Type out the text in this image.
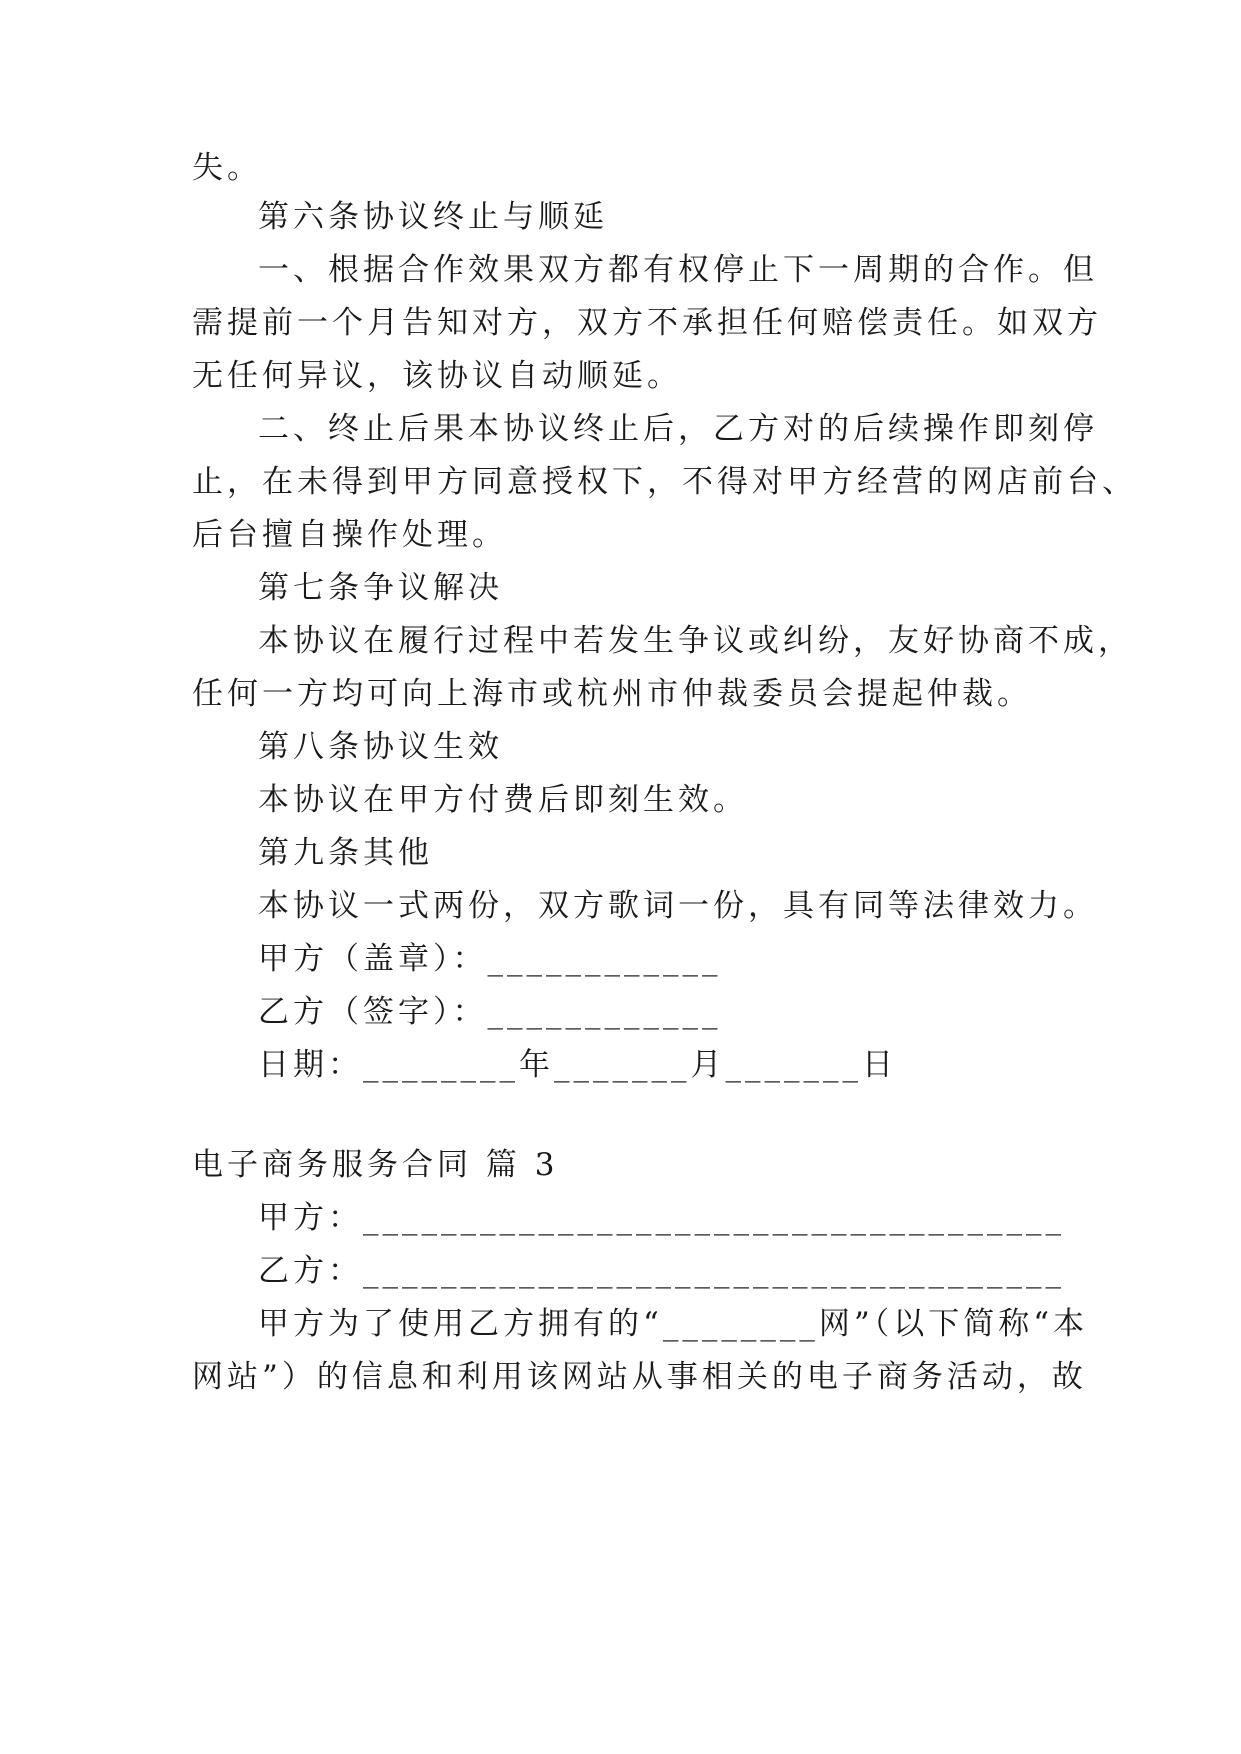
失。
第六条协议终止与顺延
一、根据合作效果双方都有权停止下一周期的合作。但
需提前一个月告知对方，双方不承担任何赔偿责任。如双方
无任何异议，该协议自动顺延。
二、终止后果本协议终止后，乙方对的后续操作即刻停
止，在未得到甲方同意授权下，不得对甲方经营的网店前台、
后台擅自操作处理。
第七条争议解决
本协议在履行过程中若发生争议或纠纷，友好协商不成，
任何一方均可向上海市或杭州市仲裁委员会提起仲裁。
第八条协议生效
本协议在甲方付费后即刻生效。
第九条其他
本协议一式两份，双方歌词一份，具有同等法律效力。
甲方（盖章）：____________
乙方（签字）：____________
日期：________年_______月_______日
电子商务服务合同 篇 3
甲方：____________________________________
乙方：____________________________________
甲方为了使用乙方拥有的“________网”（以下简称“本
网站”）的信息和利用该网站从事相关的电子商务活动，故
